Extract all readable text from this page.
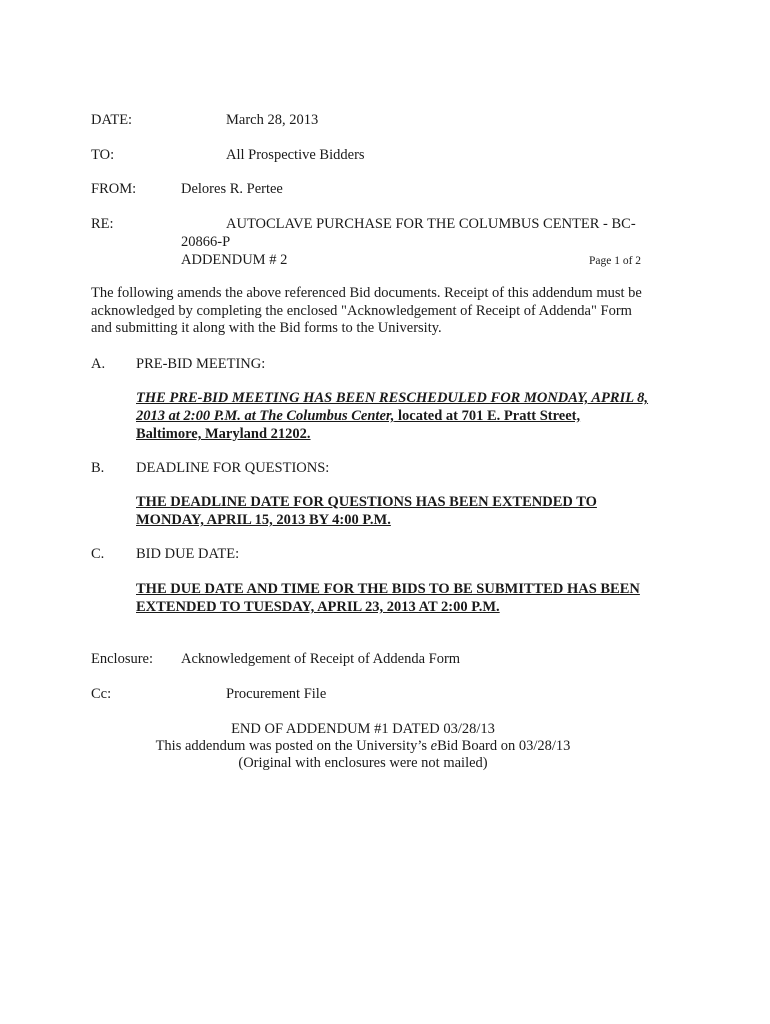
DATE:	March 28, 2013
TO:	All Prospective Bidders
FROM:	Delores R. Pertee
RE:	AUTOCLAVE PURCHASE FOR THE COLUMBUS CENTER - BC-
20866-P
ADDENDUM # 2	Page 1 of 2
The following amends the above referenced Bid documents. Receipt of this addendum must be
acknowledged by completing the enclosed "Acknowledgement of Receipt of Addenda" Form
and submitting it along with the Bid forms to the University.
A. PRE-BID MEETING:
THE PRE-BID MEETING HAS BEEN RESCHEDULED FOR MONDAY, APRIL 8,
2013 at 2:00 P.M. at The Columbus Center, located at 701 E. Pratt Street,
Baltimore, Maryland 21202.
B. DEADLINE FOR QUESTIONS:
THE DEADLINE DATE FOR QUESTIONS HAS BEEN EXTENDED TO
MONDAY, APRIL 15, 2013 BY 4:00 P.M.
C. BID DUE DATE:
THE DUE DATE AND TIME FOR THE BIDS TO BE SUBMITTED HAS BEEN
EXTENDED TO TUESDAY, APRIL 23, 2013 AT 2:00 P.M.
Enclosure: Acknowledgement of Receipt of Addenda Form
Cc:	Procurement File
END OF ADDENDUM #1 DATED 03/28/13
This addendum was posted on the University’s eBid Board on 03/28/13
(Original with enclosures were not mailed)
